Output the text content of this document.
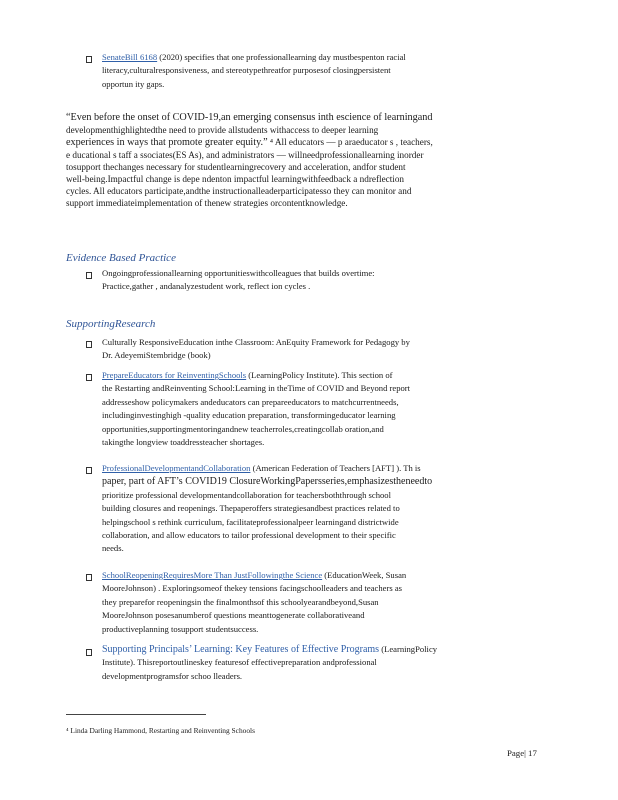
SenateBill 6168 (2020) specifies that one professionallearning day mustbespenton racial
literacy,culturalresponsiveness, and stereotypethreatfor purposesof closingpersistent
opportun ity gaps.
“Even before the onset of COVID-19,an emerging consensus inth escience of learningand
developmenthighlightedthe need to provide allstudents withaccess to deeper learning
experiences in ways that promote greater equity.” ⁴ All educators — p araeducator s , teachers,
e ducational s taff a ssociates(ES As), and administrators — willneedprofessionallearning inorder
tosupport thechanges necessary for studentlearningrecovery and acceleration, andfor student
well-being.Impactful change is depe ndenton impactful learningwithfeedback a ndreflection
cycles. All educators participate,andthe instructionalleaderparticipatesso they can monitor and
support immediateimplementation of thenew strategies orcontentknowledge.
Evidence Based Practice
Ongoingprofessionallearning opportunitieswithcolleagues that builds overtime:
Practice,gather , andanalyzestudent work, reflect ion cycles .
SupportingResearch
Culturally ResponsiveEducation inthe Classroom: AnEquity Framework for Pedagogy by
Dr. AdeyemiStembridge (book)
PrepareEducators for ReinventingSchools (LearningPolicy Institute). This section of
the Restarting andReinventing School:Learning in theTime of COVID and Beyond report
addresseshow policymakers andeducators can prepareeducators to matchcurrentneeds,
includinginvestinghigh -quality education preparation, transformingeducator learning
opportunities,supportingmentoringandnew teacherroles,creatingcollab oration,and
takingthe longview toaddressteacher shortages.
ProfessionalDevelopmentandCollaboration (American Federation of Teachers [AFT] ). Th is
paper, part of AFT’s COVID19 ClosureWorkingPapersseries,emphasizestheneedto
prioritize professional developmentandcollaboration for teachersboththrough school
building closures and reopenings. Thepaperoffers strategiesandbest practices related to
helpingschool s rethink curriculum, facilitateprofessionalpeer learningand districtwide
collaboration, and allow educators to tailor professional development to their specific
needs.
SchoolReopeningRequiresMore Than JustFollowingthe Science (EducationWeek, Susan
MooreJohnson) . Exploringsomeof thekey tensions facingschoolleaders and teachers as
they preparefor reopeningsin the finalmonthsof this schoolyearandbeyond,Susan
MooreJohnson posesanumberof questions meanttogenerate collaborativeand
productiveplanning tosupport studentsuccess.
Supporting Principals’ Learning: Key Features of Effective Programs (LearningPolicy
Institute). Thisreportoutlineskey featuresof effectivepreparation andprofessional
developmentprogramsfor schoo lleaders.
⁴ Linda Darling Hammond, Restarting and Reinventing Schools
Page| 17
